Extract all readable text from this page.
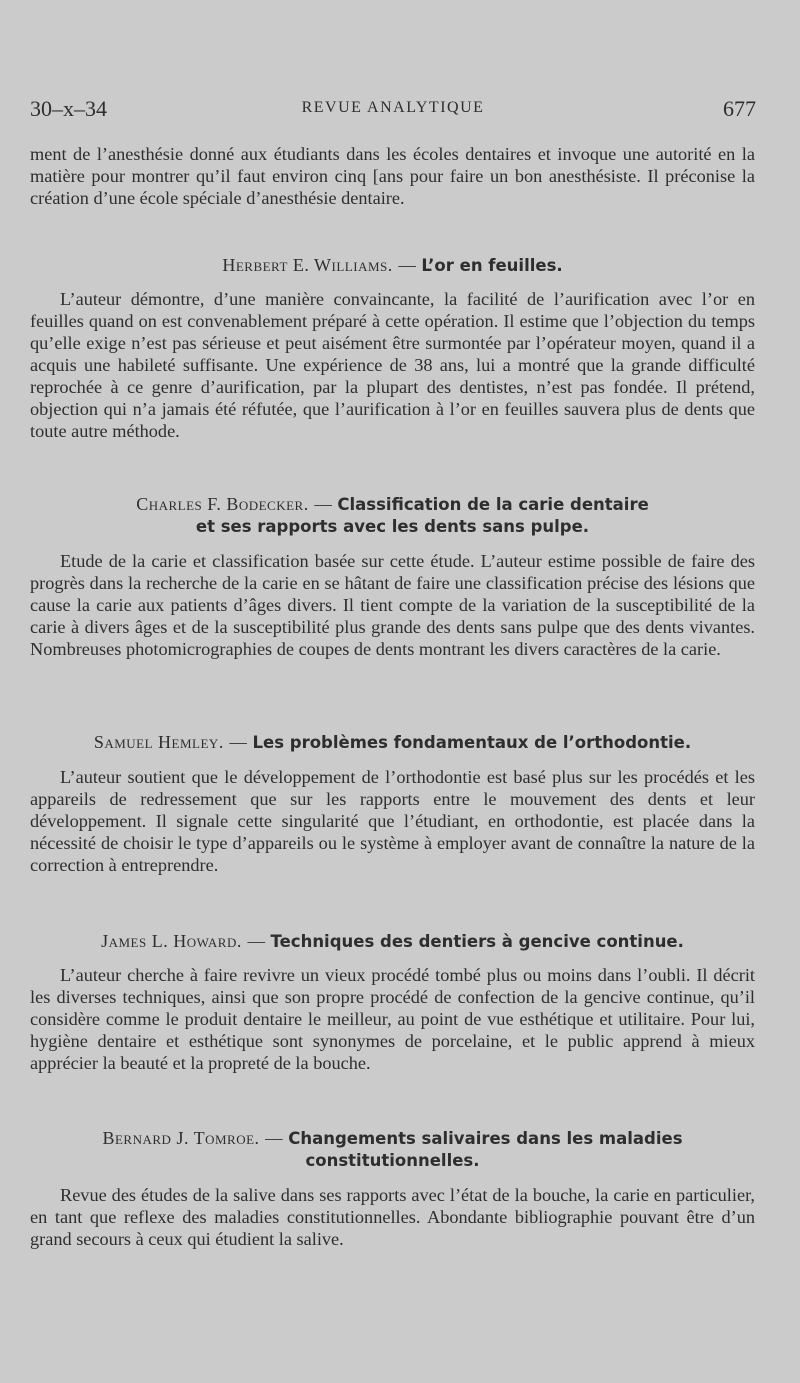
30–x–34	REVUE ANALYTIQUE	677

ment de l’anesthésie donné aux étudiants dans les écoles dentaires et invoque une autorité en la matière pour montrer qu’il faut environ cinq [ans pour faire un bon anesthésiste. Il préconise la création d’une école spéciale d’anesthésie dentaire.

Herbert E. Williams. — L’or en feuilles.

L’auteur démontre, d’une manière convaincante, la facilité de l’aurification avec l’or en feuilles quand on est convenablement préparé à cette opération. Il estime que l’objection du temps qu’elle exige n’est pas sérieuse et peut aisément être surmontée par l’opérateur moyen, quand il a acquis une habileté suffisante. Une expérience de 38 ans, lui a montré que la grande difficulté reprochée à ce genre d’aurification, par la plupart des dentistes, n’est pas fondée. Il prétend, objection qui n’a jamais été réfutée, que l’aurification à l’or en feuilles sauvera plus de dents que toute autre méthode.

Charles F. Bodecker. — Classification de la carie dentaire
et ses rapports avec les dents sans pulpe.

Etude de la carie et classification basée sur cette étude. L’auteur estime possible de faire des progrès dans la recherche de la carie en se hâtant de faire une classification précise des lésions que cause la carie aux patients d’âges divers. Il tient compte de la variation de la susceptibilité de la carie à divers âges et de la susceptibilité plus grande des dents sans pulpe que des dents vivantes. Nombreuses photomicrographies de coupes de dents montrant les divers caractères de la carie.

Samuel Hemley. — Les problèmes fondamentaux de l’orthodontie.

L’auteur soutient que le développement de l’orthodontie est basé plus sur les procédés et les appareils de redressement que sur les rapports entre le mouvement des dents et leur développement. Il signale cette singularité que l’étudiant, en orthodontie, est placée dans la nécessité de choisir le type d’appareils ou le système à employer avant de connaître la nature de la correction à entreprendre.

James L. Howard. — Techniques des dentiers à gencive continue.

L’auteur cherche à faire revivre un vieux procédé tombé plus ou moins dans l’oubli. Il décrit les diverses techniques, ainsi que son propre procédé de confection de la gencive continue, qu’il considère comme le produit dentaire le meilleur, au point de vue esthétique et utilitaire. Pour lui, hygiène dentaire et esthétique sont synonymes de porcelaine, et le public apprend à mieux apprécier la beauté et la propreté de la bouche.

Bernard J. Tomroe. — Changements salivaires dans les maladies
constitutionnelles.

Revue des études de la salive dans ses rapports avec l’état de la bouche, la carie en particulier, en tant que reflexe des maladies constitutionnelles. Abondante bibliographie pouvant être d’un grand secours à ceux qui étudient la salive.
